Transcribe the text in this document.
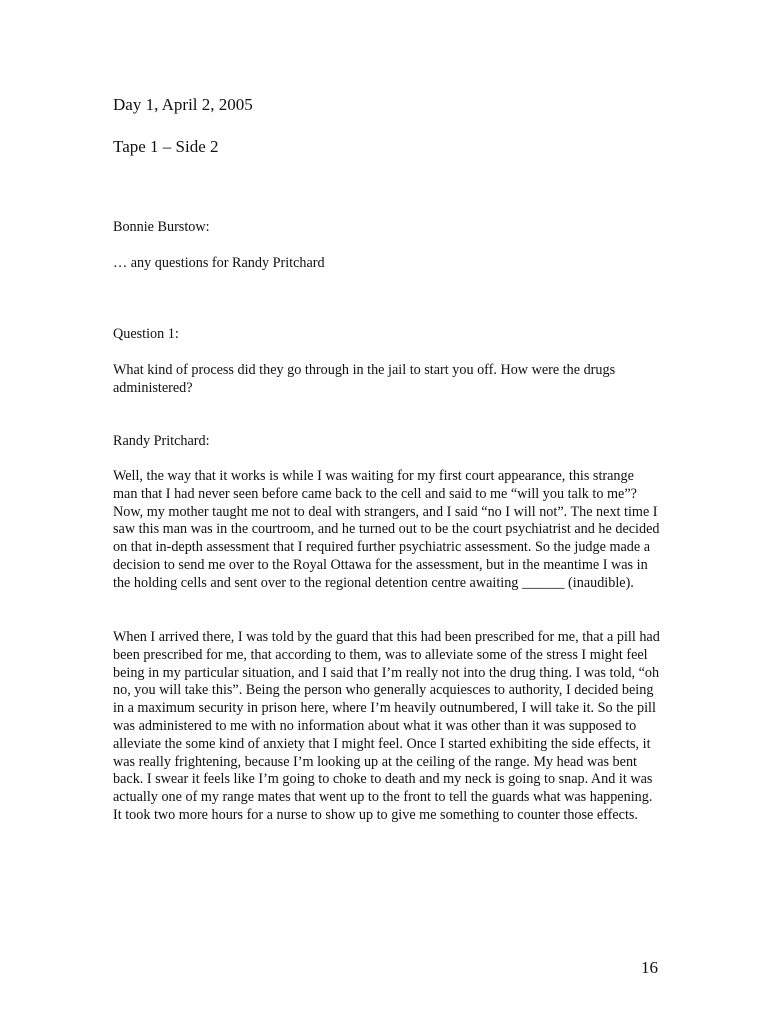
Day 1, April 2, 2005

Tape 1 – Side 2

Bonnie Burstow:

… any questions for Randy Pritchard

Question 1:

What kind of process did they go through in the jail to start you off. How were the drugs administered?

Randy Pritchard:

Well, the way that it works is while I was waiting for my first court appearance, this strange man that I had never seen before came back to the cell and said to me “will you talk to me”? Now, my mother taught me not to deal with strangers, and I said “no I will not”. The next time I saw this man was in the courtroom, and he turned out to be the court psychiatrist and he decided on that in-depth assessment that I required further psychiatric assessment. So the judge made a decision to send me over to the Royal Ottawa for the assessment, but in the meantime I was in the holding cells and sent over to the regional detention centre awaiting ______ (inaudible).

When I arrived there, I was told by the guard that this had been prescribed for me, that a pill had been prescribed for me, that according to them, was to alleviate some of the stress I might feel being in my particular situation, and I said that I’m really not into the drug thing. I was told, “oh no, you will take this”. Being the person who generally acquiesces to authority, I decided being in a maximum security in prison here, where I’m heavily outnumbered, I will take it. So the pill was administered to me with no information about what it was other than it was supposed to alleviate the some kind of anxiety that I might feel. Once I started exhibiting the side effects, it was really frightening, because I’m looking up at the ceiling of the range. My head was bent back. I swear it feels like I’m going to choke to death and my neck is going to snap. And it was actually one of my range mates that went up to the front to tell the guards what was happening. It took two more hours for a nurse to show up to give me something to counter those effects.

16
